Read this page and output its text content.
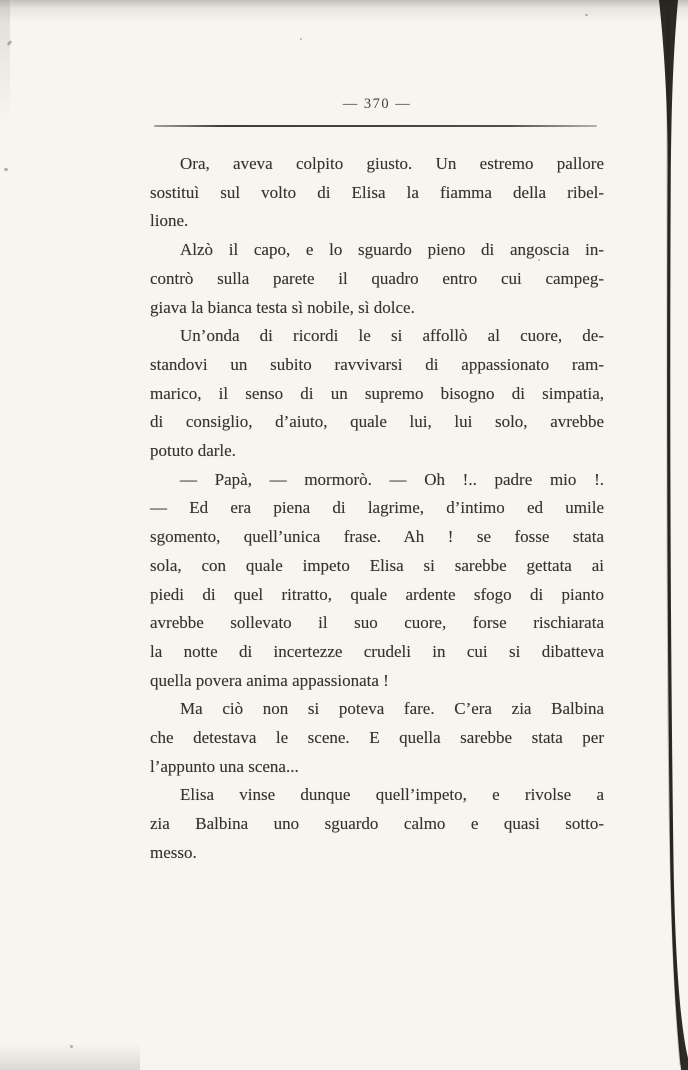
— 370 —
Ora, aveva colpito giusto. Un estremo pallore
sostituì sul volto di Elisa la fiamma della ribel-
lione.
Alzò il capo, e lo sguardo pieno di angoscia in-
contrò sulla parete il quadro entro cui campeg-
giava la bianca testa sì nobile, sì dolce.
Un’onda di ricordi le si affollò al cuore, de-
standovi un subito ravvivarsi di appassionato ram-
marico, il senso di un supremo bisogno di simpatia,
di consiglio, d’aiuto, quale lui, lui solo, avrebbe
potuto darle.
— Papà, — mormorò. — Oh !.. padre mio !.
— Ed era piena di lagrime, d’intimo ed umile
sgomento, quell’unica frase. Ah ! se fosse stata
sola, con quale impeto Elisa si sarebbe gettata ai
piedi di quel ritratto, quale ardente sfogo di pianto
avrebbe sollevato il suo cuore, forse rischiarata
la notte di incertezze crudeli in cui si dibatteva
quella povera anima appassionata !
Ma ciò non si poteva fare. C’era zia Balbina
che detestava le scene. E quella sarebbe stata per
l’appunto una scena...
Elisa vinse dunque quell’impeto, e rivolse a
zia Balbina uno sguardo calmo e quasi sotto-
messo.
